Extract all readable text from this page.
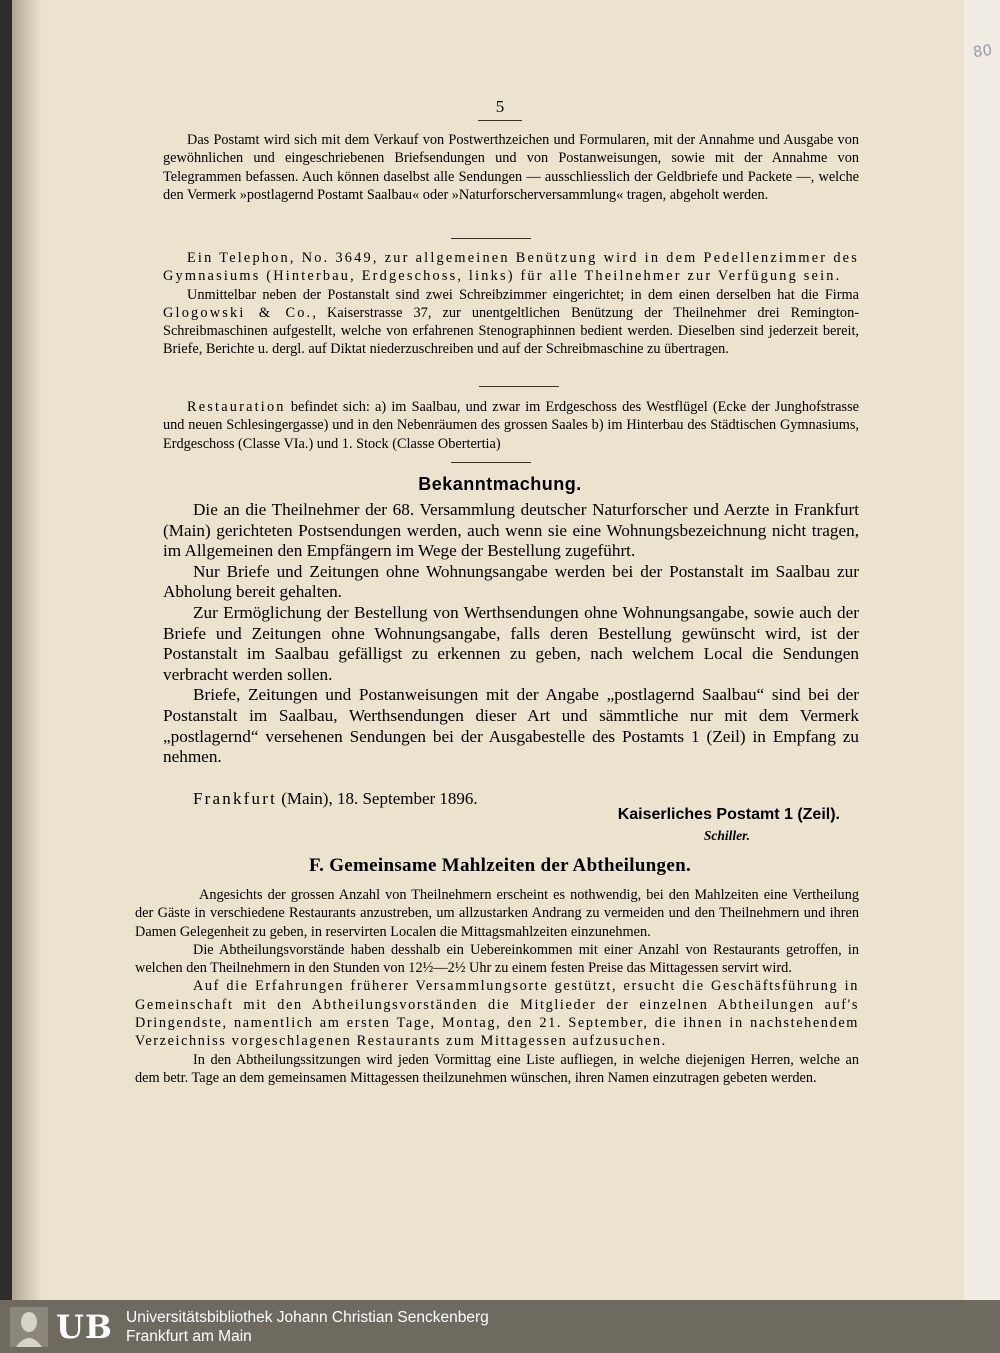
80
5

Das Postamt wird sich mit dem Verkauf von Postwerthzeichen und Formularen, mit der Annahme und Ausgabe von gewöhnlichen und eingeschriebenen Briefsendungen und von Postanweisungen, sowie mit der Annahme von Telegrammen befassen. Auch können daselbst alle Sendungen — ausschliesslich der Geldbriefe und Packete —, welche den Vermerk »postlagernd Postamt Saalbau« oder »Naturforscherversammlung« tragen, abgeholt werden.

Ein Telephon, No. 3649, zur allgemeinen Benützung wird in dem Pedellenzimmer des Gymnasiums (Hinterbau, Erdgeschoss, links) für alle Theilnehmer zur Verfügung sein.

Unmittelbar neben der Postanstalt sind zwei Schreibzimmer eingerichtet; in dem einen derselben hat die Firma Glogowski & Co., Kaiserstrasse 37, zur unentgeltlichen Benützung der Theilnehmer drei Remington-Schreibmaschinen aufgestellt, welche von erfahrenen Stenographinnen bedient werden. Dieselben sind jederzeit bereit, Briefe, Berichte u. dergl. auf Diktat niederzuschreiben und auf der Schreibmaschine zu übertragen.

Restauration befindet sich: a) im Saalbau, und zwar im Erdgeschoss des Westflügel (Ecke der Junghofstrasse und neuen Schlesingergasse) und in den Nebenräumen des grossen Saales b) im Hinterbau des Städtischen Gymnasiums, Erdgeschoss (Classe VIa.) und 1. Stock (Classe Obertertia)

Bekanntmachung.

Die an die Theilnehmer der 68. Versammlung deutscher Naturforscher und Aerzte in Frankfurt (Main) gerichteten Postsendungen werden, auch wenn sie eine Wohnungsbezeichnung nicht tragen, im Allgemeinen den Empfängern im Wege der Bestellung zugeführt.

Nur Briefe und Zeitungen ohne Wohnungsangabe werden bei der Postanstalt im Saalbau zur Abholung bereit gehalten.

Zur Ermöglichung der Bestellung von Werthsendungen ohne Wohnungsangabe, sowie auch der Briefe und Zeitungen ohne Wohnungsangabe, falls deren Bestellung gewünscht wird, ist der Postanstalt im Saalbau gefälligst zu erkennen zu geben, nach welchem Local die Sendungen verbracht werden sollen.

Briefe, Zeitungen und Postanweisungen mit der Angabe „postlagernd Saalbau“ sind bei der Postanstalt im Saalbau, Werthsendungen dieser Art und sämmtliche nur mit dem Vermerk „postlagernd“ versehenen Sendungen bei der Ausgabestelle des Postamts 1 (Zeil) in Empfang zu nehmen.

Frankfurt (Main), 18. September 1896.
Kaiserliches Postamt 1 (Zeil).
Schiller.
F. Gemeinsame Mahlzeiten der Abtheilungen.

Angesichts der grossen Anzahl von Theilnehmern erscheint es nothwendig, bei den Mahlzeiten eine Vertheilung der Gäste in verschiedene Restaurants anzustreben, um allzustarken Andrang zu vermeiden und den Theilnehmern und ihren Damen Gelegenheit zu geben, in reservirten Localen die Mittagsmahlzeiten einzunehmen.

Die Abtheilungsvorstände haben desshalb ein Uebereinkommen mit einer Anzahl von Restaurants getroffen, in welchen den Theilnehmern in den Stunden von 12½—2½ Uhr zu einem festen Preise das Mittagessen servirt wird.

Auf die Erfahrungen früherer Versammlungsorte gestützt, ersucht die Geschäftsführung in Gemeinschaft mit den Abtheilungsvorständen die Mitglieder der einzelnen Abtheilungen auf's Dringendste, namentlich am ersten Tage, Montag, den 21. September, die ihnen in nachstehendem Verzeichniss vorgeschlagenen Restaurants zum Mittagessen aufzusuchen.

In den Abtheilungssitzungen wird jeden Vormittag eine Liste aufliegen, in welche diejenigen Herren, welche an dem betr. Tage an dem gemeinsamen Mittagessen theilzunehmen wünschen, ihren Namen einzutragen gebeten werden.

UB Universitätsbibliothek Johann Christian Senckenberg
Frankfurt am Main
